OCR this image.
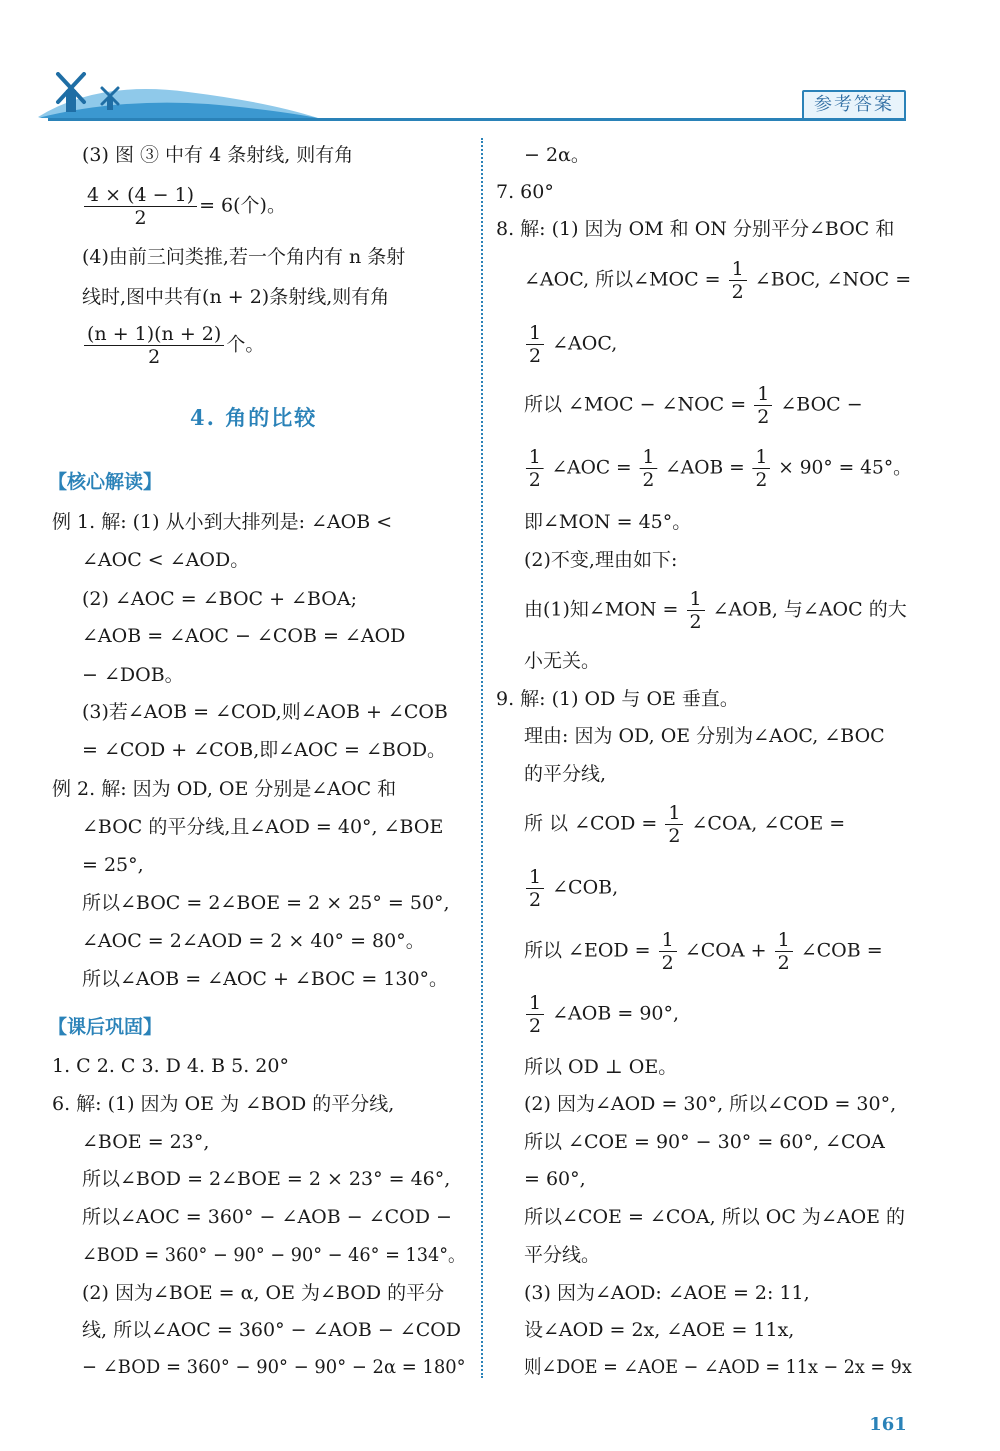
参考答案
(3) 图 ③ 中有 4 条射线, 则有角
$\frac{4 \times (4 - 1)}{2} = 6$(个)。
(4)由前三问类推,若一个角内有 n 条射
线时,图中共有(n + 2)条射线,则有角
$\frac{(n + 1)(n + 2)}{2}$ 个。
4. 角的比较
【核心解读】
例 1. 解: (1) 从小到大排列是: ∠AOB <
∠AOC < ∠AOD。
(2) ∠AOC = ∠BOC + ∠BOA;
∠AOB = ∠AOC − ∠COB = ∠AOD
− ∠DOB。
(3)若∠AOB = ∠COD,则∠AOB + ∠COB
= ∠COD + ∠COB,即∠AOC = ∠BOD。
例 2. 解: 因为 OD, OE 分别是∠AOC 和
∠BOC 的平分线,且∠AOD = 40°, ∠BOE
= 25°,
所以∠BOC = 2∠BOE = 2 × 25° = 50°,
∠AOC = 2∠AOD = 2 × 40° = 80°。
所以∠AOB = ∠AOC + ∠BOC = 130°。
【课后巩固】
1. C 2. C 3. D 4. B 5. 20°
6. 解: (1) 因为 OE 为 ∠BOD 的平分线,
∠BOE = 23°,
所以∠BOD = 2∠BOE = 2 × 23° = 46°,
所以∠AOC = 360° − ∠AOB − ∠COD −
∠BOD = 360° − 90° − 90° − 46° = 134°。
(2) 因为∠BOE = α, OE 为∠BOD 的平分
线, 所以∠AOC = 360° − ∠AOB − ∠COD
− ∠BOD = 360° − 90° − 90° − 2α = 180°
− 2α。
7. 60°
8. 解: (1) 因为 OM 和 ON 分别平分∠BOC 和
∠AOC, 所以∠MOC = $\frac{1}{2}$ ∠BOC, ∠NOC =
$\frac{1}{2}$ ∠AOC,
所以 ∠MOC − ∠NOC = $\frac{1}{2}$ ∠BOC −
$\frac{1}{2}$ ∠AOC = $\frac{1}{2}$ ∠AOB = $\frac{1}{2} \times 90^\circ = 45^\circ$。
即∠MON = 45°。
(2)不变,理由如下:
由(1)知∠MON = $\frac{1}{2}$ ∠AOB, 与∠AOC 的大
小无关。
9. 解: (1) OD 与 OE 垂直。
理由: 因为 OD, OE 分别为∠AOC, ∠BOC
的平分线,
所 以 ∠COD = $\frac{1}{2}$ ∠COA, ∠COE =
$\frac{1}{2}$ ∠COB,
所以 ∠EOD = $\frac{1}{2}$ ∠COA + $\frac{1}{2}$ ∠COB =
$\frac{1}{2}$ ∠AOB = 90°,
所以 OD ⊥ OE。
(2) 因为∠AOD = 30°, 所以∠COD = 30°,
所以 ∠COE = 90° − 30° = 60°, ∠COA
= 60°,
所以∠COE = ∠COA, 所以 OC 为∠AOE 的
平分线。
(3) 因为∠AOD: ∠AOE = 2: 11,
设∠AOD = 2x, ∠AOE = 11x,
则∠DOE = ∠AOE − ∠AOD = 11x − 2x = 9x
161
